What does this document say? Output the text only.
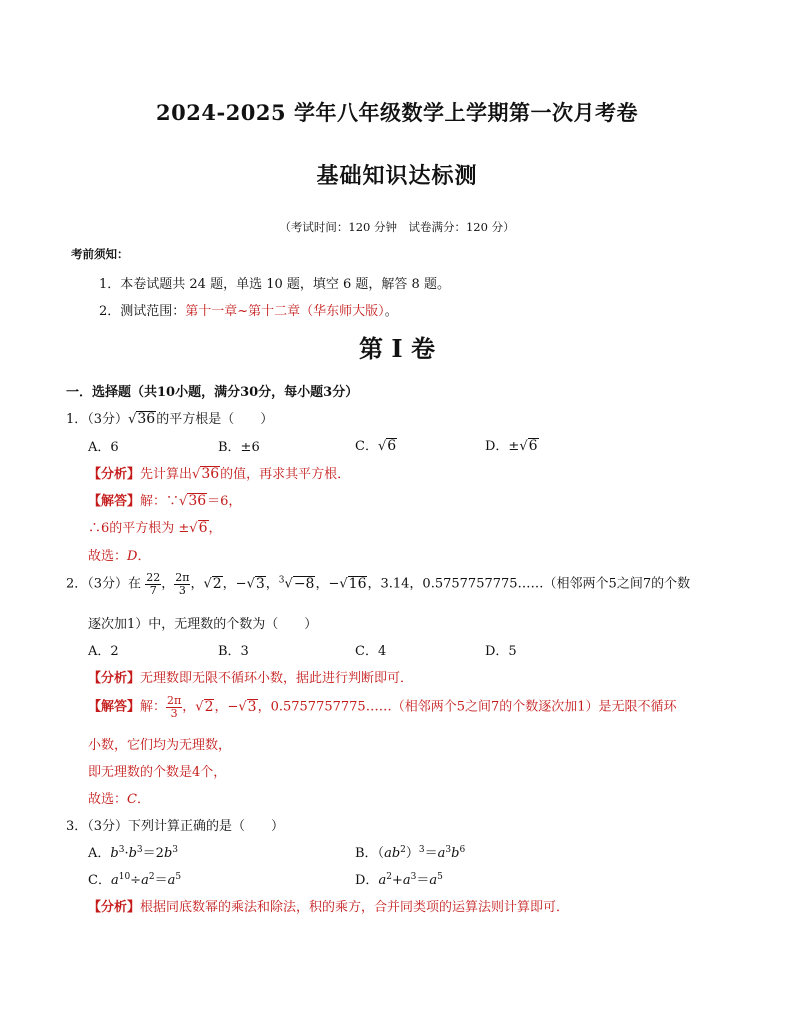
2024-2025 学年八年级数学上学期第一次月考卷
基础知识达标测
（考试时间：120 分钟　试卷满分：120 分）
考前须知：
1．本卷试题共 24 题，单选 10 题，填空 6 题，解答 8 题。
2．测试范围：第十一章~第十二章（华东师大版）。
第 I 卷
一．选择题（共10小题，满分30分，每小题3分）
1．（3分）√36的平方根是（　　）
A．6	B．±6	C．√6	D．±√6
【分析】先计算出√36的值，再求其平方根．
【解答】解：∵√36＝6，
∴6的平方根为 ±√6，
故选：D．
2．（3分）在 $\frac{22}{7}$ ， $\frac{2\pi}{3}$ ，√2，−√3，$^3$√−8，−√16，3.14，0.5757757775……（相邻两个5之间7的个数
逐次加1）中，无理数的个数为（　　）
A．2	B．3	C．4	D．5
【分析】无理数即无限不循环小数，据此进行判断即可．
【解答】解： $\frac{2\pi}{3}$ ，√2，−√3，0.5757757775……（相邻两个5之间7的个数逐次加1）是无限不循环
小数，它们均为无理数，
即无理数的个数是4个，
故选：C．
3．（3分）下列计算正确的是（　　）
A．$b^3\cdot b^3=2b^3$	B．$(ab^2)^3=a^3b^6$
C．$a^{10}\div a^2=a^5$	D．$a^2+a^3=a^5$
【分析】根据同底数幂的乘法和除法，积的乘方，合并同类项的运算法则计算即可．
